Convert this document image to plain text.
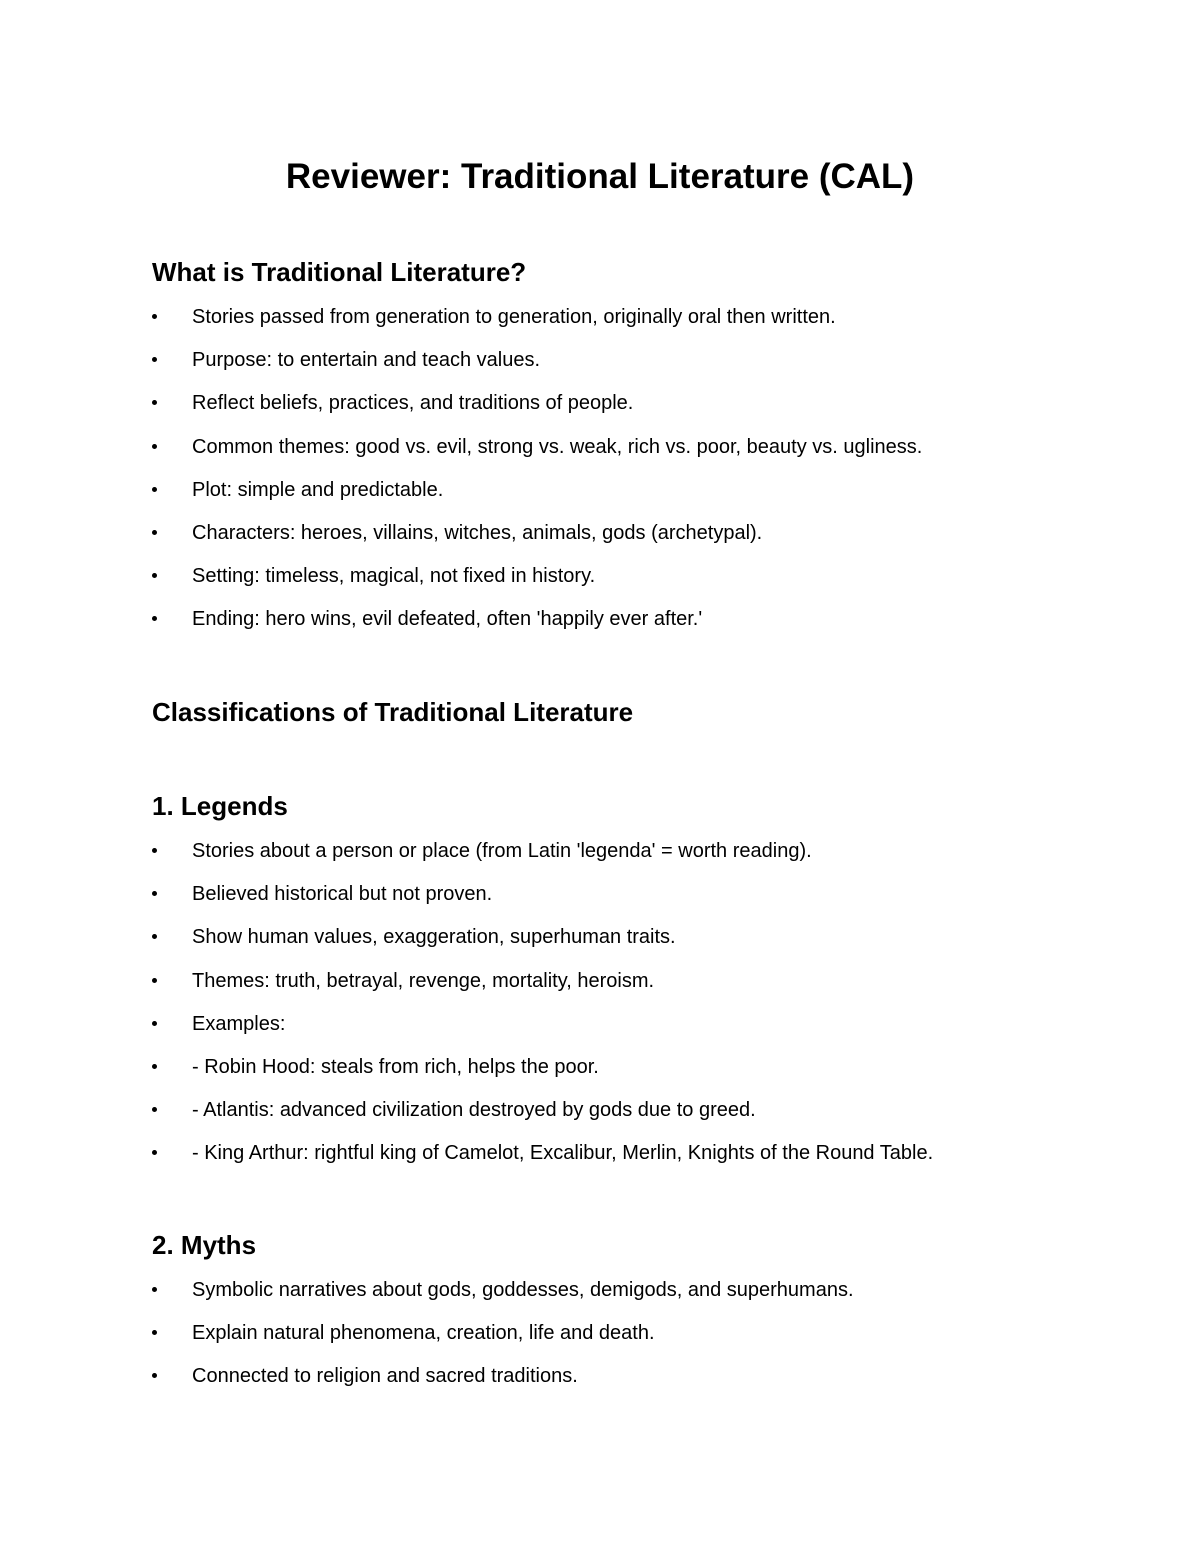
Reviewer: Traditional Literature (CAL)
What is Traditional Literature?
Stories passed from generation to generation, originally oral then written.
Purpose: to entertain and teach values.
Reflect beliefs, practices, and traditions of people.
Common themes: good vs. evil, strong vs. weak, rich vs. poor, beauty vs. ugliness.
Plot: simple and predictable.
Characters: heroes, villains, witches, animals, gods (archetypal).
Setting: timeless, magical, not fixed in history.
Ending: hero wins, evil defeated, often 'happily ever after.'
Classifications of Traditional Literature
1. Legends
Stories about a person or place (from Latin 'legenda' = worth reading).
Believed historical but not proven.
Show human values, exaggeration, superhuman traits.
Themes: truth, betrayal, revenge, mortality, heroism.
Examples:
- Robin Hood: steals from rich, helps the poor.
- Atlantis: advanced civilization destroyed by gods due to greed.
- King Arthur: rightful king of Camelot, Excalibur, Merlin, Knights of the Round Table.
2. Myths
Symbolic narratives about gods, goddesses, demigods, and superhumans.
Explain natural phenomena, creation, life and death.
Connected to religion and sacred traditions.
